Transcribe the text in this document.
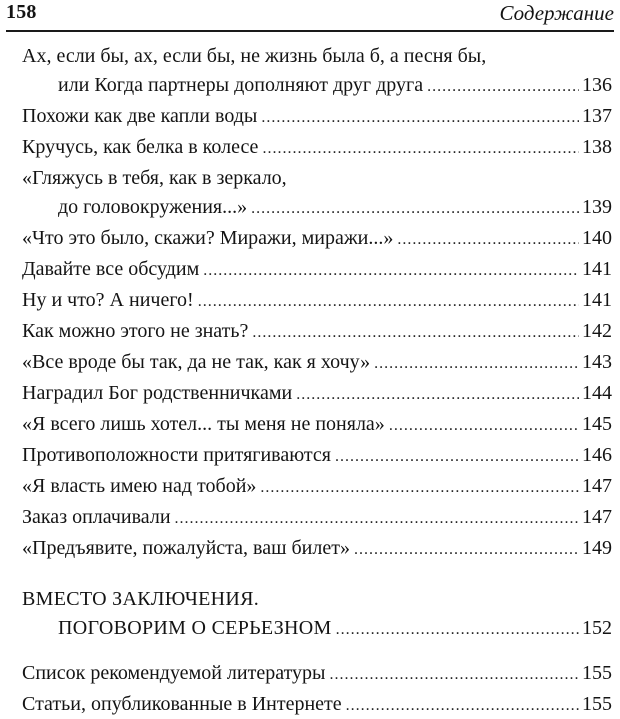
158	Содержание
Ах, если бы, ах, если бы, не жизнь была б, а песня бы,
или Когда партнеры дополняют друг друга .....	136
Похожи как две капли воды .....	137
Кручусь, как белка в колесе .....	138
«Гляжусь в тебя, как в зеркало,
до головокружения...» .....	139
«Что это было, скажи? Миражи, миражи...» .....	140
Давайте все обсудим .....	141
Ну и что? А ничего! .....	141
Как можно этого не знать? .....	142
«Все вроде бы так, да не так, как я хочу» .....	143
Наградил Бог родственничками .....	144
«Я всего лишь хотел... ты меня не поняла» .....	145
Противоположности притягиваются .....	146
«Я власть имею над тобой» .....	147
Заказ оплачивали .....	147
«Предъявите, пожалуйста, ваш билет» .....	149
ВМЕСТО ЗАКЛЮЧЕНИЯ.
ПОГОВОРИМ О СЕРЬЕЗНОМ .....	152
Список рекомендуемой литературы .....	155
Статьи, опубликованные в Интернете .....	155
